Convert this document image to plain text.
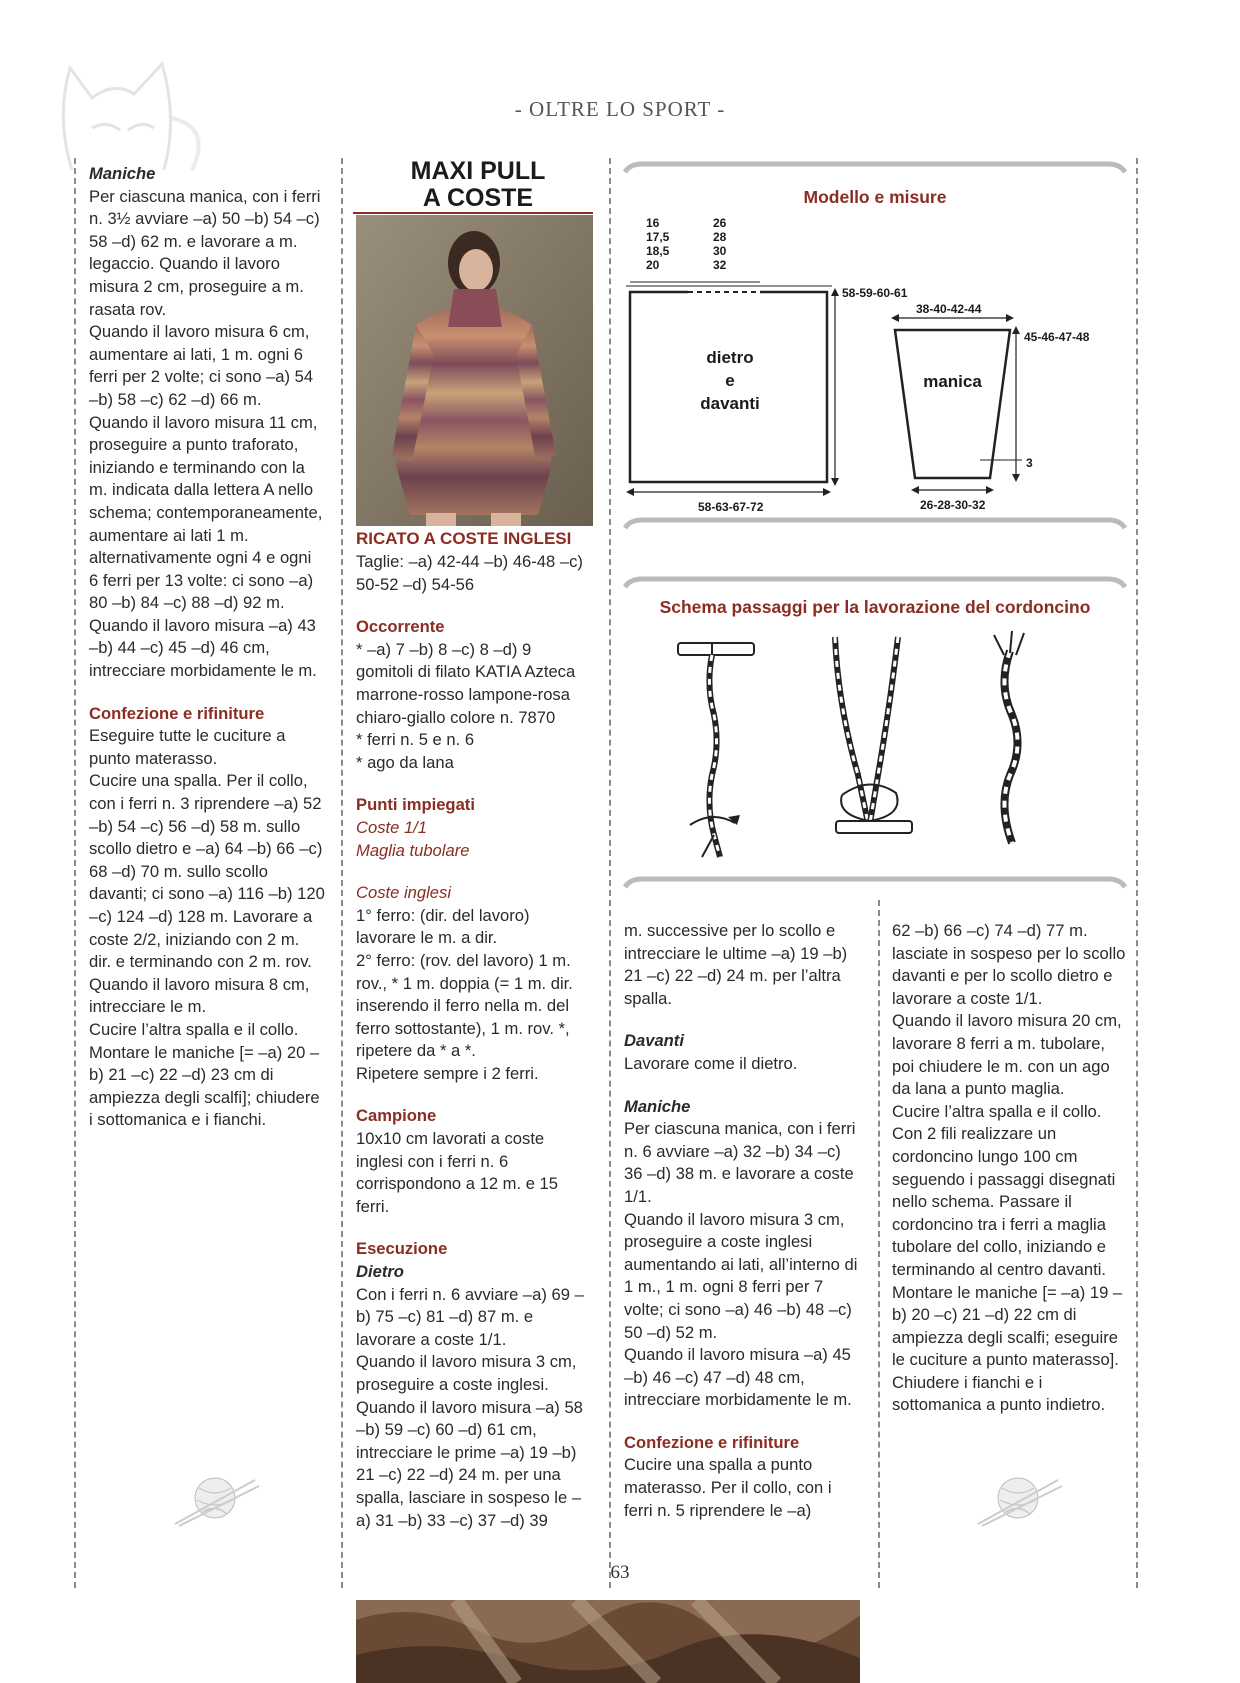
- OLTRE LO SPORT -

Maniche

Per ciascuna manica, con i ferri n. 3½ avviare –a) 50 –b) 54 –c) 58 –d) 62 m. e lavorare a m. legaccio. Quando il lavoro misura 2 cm, proseguire a m. rasata rov.

Quando il lavoro misura 6 cm, aumentare ai lati, 1 m. ogni 6 ferri per 2 volte; ci sono –a) 54 –b) 58 –c) 62 –d) 66 m.

Quando il lavoro misura 11 cm, proseguire a punto traforato, iniziando e terminando con la m. indicata dalla lettera A nello schema; contemporaneamente, aumentare ai lati 1 m. alternativamente ogni 4 e ogni 6 ferri per 13 volte: ci sono –a) 80 –b) 84 –c) 88 –d) 92 m.

Quando il lavoro misura –a) 43 –b) 44 –c) 45 –d) 46 cm, intrecciare morbidamente le m.

Confezione e rifiniture

Eseguire tutte le cuciture a punto materasso.

Cucire una spalla. Per il collo, con i ferri n. 3 riprendere –a) 52 –b) 54 –c) 56 –d) 58 m. sullo scollo dietro e –a) 64 –b) 66 –c) 68 –d) 70 m. sullo scollo davanti; ci sono –a) 116 –b) 120 –c) 124 –d) 128 m. Lavorare a coste 2/2, iniziando con 2 m. dir. e terminando con 2 m. rov. Quando il lavoro misura 8 cm, intrecciare le m.

Cucire l’altra spalla e il collo.

Montare le maniche [= –a) 20 –b) 21 –c) 22 –d) 23 cm di ampiezza degli scalfi]; chiudere i sottomanica e i fianchi.

MAXI PULL
A COSTE
RICATO A COSTE INGLESI

Taglie: –a) 42-44 –b) 46-48 –c) 50-52 –d) 54-56

Occorrente

* –a) 7 –b) 8 –c) 8 –d) 9 gomitoli di filato KATIA Azteca marrone-rosso lampone-rosa chiaro-giallo colore n. 7870

* ferri n. 5 e n. 6

* ago da lana

Punti impiegati

Coste 1/1

Maglia tubolare

Coste inglesi

1° ferro: (dir. del lavoro) lavorare le m. a dir.

2° ferro: (rov. del lavoro) 1 m. rov., * 1 m. doppia (= 1 m. dir. inserendo il ferro nella m. del ferro sottostante), 1 m. rov. *, ripetere da * a *.

Ripetere sempre i 2 ferri.

Campione

10x10 cm lavorati a coste inglesi con i ferri n. 6 corrispondono a 12 m. e 15 ferri.

Esecuzione

Dietro

Con i ferri n. 6 avviare –a) 69 –b) 75 –c) 81 –d) 87 m. e lavorare a coste 1/1.

Quando il lavoro misura 3 cm, proseguire a coste inglesi.

Quando il lavoro misura –a) 58 –b) 59 –c) 60 –d) 61 cm, intrecciare le prime –a) 19 –b) 21 –c) 22 –d) 24 m. per una spalla, lasciare in sospeso le –a) 31 –b) 33 –c) 37 –d) 39

Modello e misure
16
17,5
18,5
20
26
28
30
32
58-59-60-61
58-63-67-72
dietro
e
davanti
38-40-42-44
45-46-47-48
3
26-28-30-32
manica
Schema passaggi per la lavorazione del cordoncino

m. successive per lo scollo e intrecciare le ultime –a) 19 –b) 21 –c) 22 –d) 24 m. per l’altra spalla.

Davanti

Lavorare come il dietro.

Maniche

Per ciascuna manica, con i ferri n. 6 avviare –a) 32 –b) 34 –c) 36 –d) 38 m. e lavorare a coste 1/1.

Quando il lavoro misura 3 cm, proseguire a coste inglesi aumentando ai lati, all’interno di 1 m., 1 m. ogni 8 ferri per 7 volte; ci sono –a) 46 –b) 48 –c) 50 –d) 52 m.

Quando il lavoro misura –a) 45 –b) 46 –c) 47 –d) 48 cm, intrecciare morbidamente le m.

Confezione e rifiniture

Cucire una spalla a punto materasso. Per il collo, con i ferri n. 5 riprendere le –a)

62 –b) 66 –c) 74 –d) 77 m. lasciate in sospeso per lo scollo davanti e per lo scollo dietro e lavorare a coste 1/1.

Quando il lavoro misura 20 cm, lavorare 8 ferri a m. tubolare, poi chiudere le m. con un ago da lana a punto maglia.

Cucire l’altra spalla e il collo.

Con 2 fili realizzare un cordoncino lungo 100 cm seguendo i passaggi disegnati nello schema. Passare il cordoncino tra i ferri a maglia tubolare del collo, iniziando e terminando al centro davanti.

Montare le maniche [= –a) 19 –b) 20 –c) 21 –d) 22 cm di ampiezza degli scalfi; eseguire le cuciture a punto materasso].

Chiudere i fianchi e i sottomanica a punto indietro.

63
